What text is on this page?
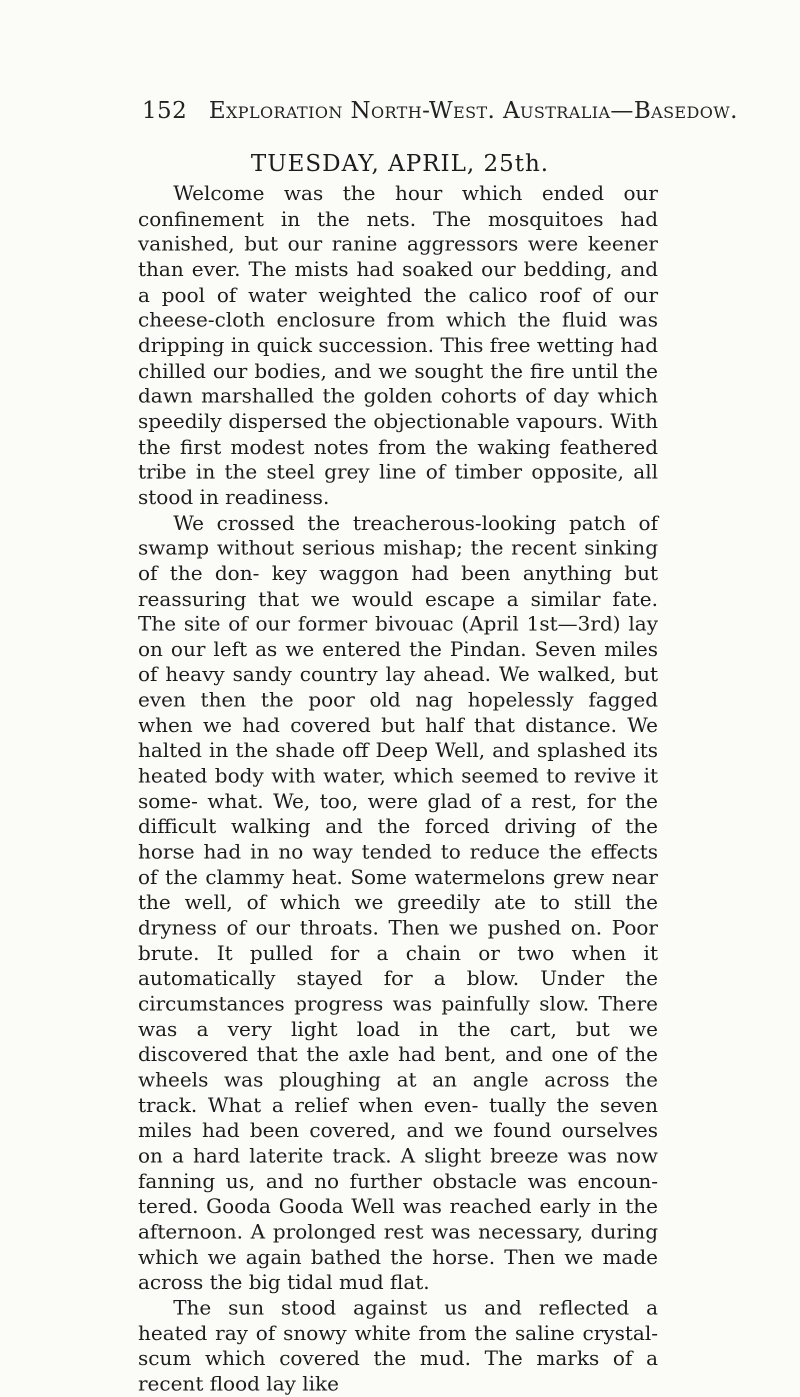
152 Exploration North-West. Australia—Basedow.
TUESDAY, APRIL, 25th.

Welcome was the hour which ended our confinement in the nets. The mosquitoes had vanished, but our ranine aggressors were keener than ever. The mists had soaked our bedding, and a pool of water weighted the calico roof of our cheese-cloth enclosure from which the fluid was dripping in quick succession. This free wetting had chilled our bodies, and we sought the fire until the dawn marshalled the golden cohorts of day which speedily dispersed the objectionable vapours. With the first modest notes from the waking feathered tribe in the steel grey line of timber opposite, all stood in readiness.

We crossed the treacherous-looking patch of swamp without serious mishap; the recent sinking of the don- key waggon had been anything but reassuring that we would escape a similar fate. The site of our former bivouac (April 1st—3rd) lay on our left as we entered the Pindan. Seven miles of heavy sandy country lay ahead. We walked, but even then the poor old nag hopelessly fagged when we had covered but half that distance. We halted in the shade off Deep Well, and splashed its heated body with water, which seemed to revive it some- what. We, too, were glad of a rest, for the difficult walking and the forced driving of the horse had in no way tended to reduce the effects of the clammy heat. Some watermelons grew near the well, of which we greedily ate to still the dryness of our throats. Then we pushed on. Poor brute. It pulled for a chain or two when it automatically stayed for a blow. Under the circumstances progress was painfully slow. There was a very light load in the cart, but we discovered that the axle had bent, and one of the wheels was ploughing at an angle across the track. What a relief when even- tually the seven miles had been covered, and we found ourselves on a hard laterite track. A slight breeze was now fanning us, and no further obstacle was encoun- tered. Gooda Gooda Well was reached early in the afternoon. A prolonged rest was necessary, during which we again bathed the horse. Then we made across the big tidal mud flat.

The sun stood against us and reflected a heated ray of snowy white from the saline crystal-scum which covered the mud. The marks of a recent flood lay like
